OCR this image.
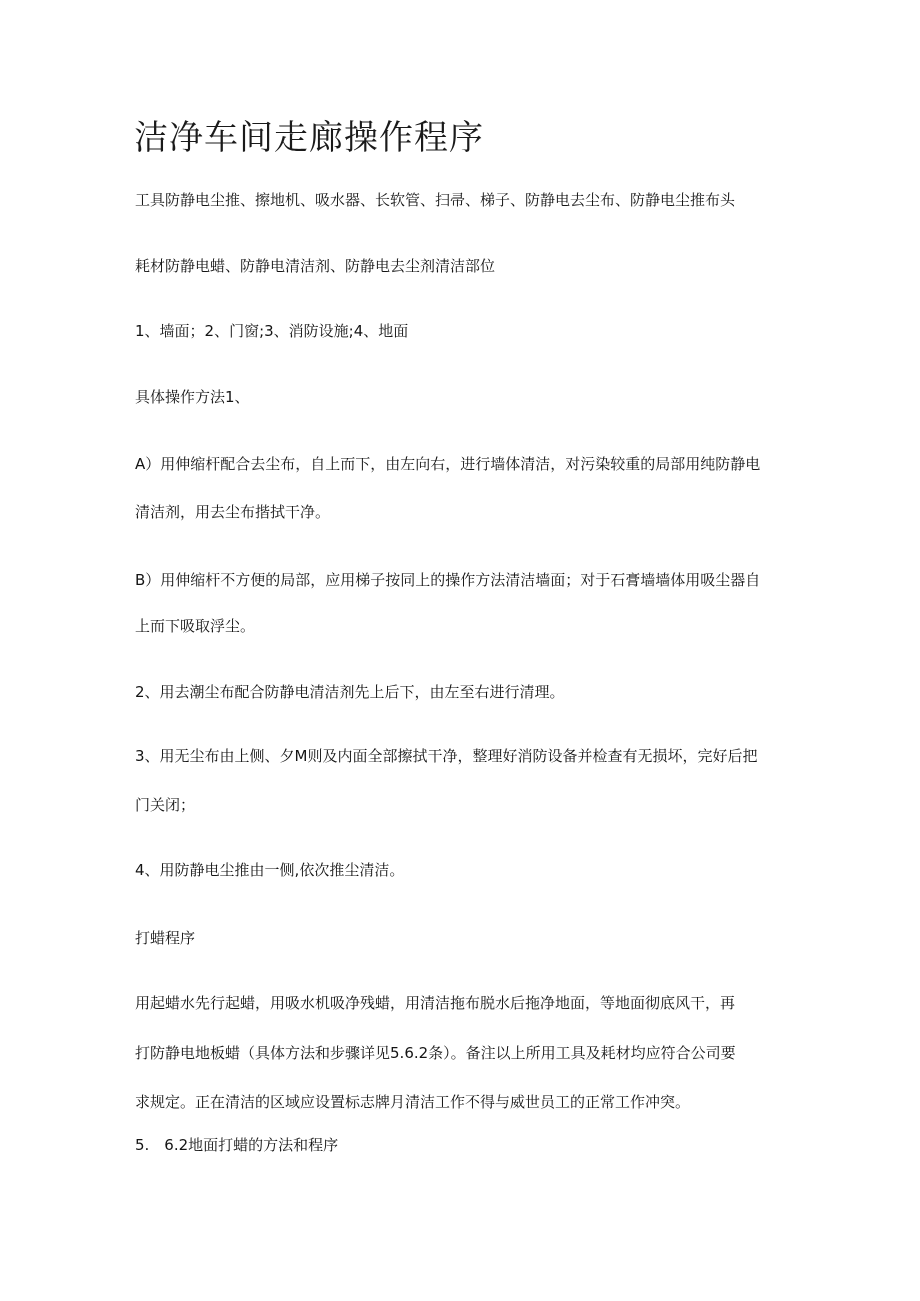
洁净车间走廊操作程序
工具防静电尘推、擦地机、吸水器、长软管、扫帚、梯子、防静电去尘布、防静电尘推布头
耗材防静电蜡、防静电清洁剂、防静电去尘剂清洁部位
1、墙面；2、门窗;3、消防设施;4、地面
具体操作方法1、
A）用伸缩杆配合去尘布，自上而下，由左向右，进行墙体清洁，对污染较重的局部用纯防静电
清洁剂，用去尘布揩拭干净。
B）用伸缩杆不方便的局部，应用梯子按同上的操作方法清洁墙面；对于石膏墙墙体用吸尘器自
上而下吸取浮尘。
2、用去潮尘布配合防静电清洁剂先上后下，由左至右进行清理。
3、用无尘布由上侧、夕M则及内面全部擦拭干净，整理好消防设备并检查有无损坏，完好后把
门关闭；
4、用防静电尘推由一侧,依次推尘清洁。
打蜡程序
用起蜡水先行起蜡，用吸水机吸净残蜡，用清洁拖布脱水后拖净地面，等地面彻底风干，再
打防静电地板蜡（具体方法和步骤详见5.6.2条）。备注以上所用工具及耗材均应符合公司要
求规定。正在清洁的区域应设置标志牌月清洁工作不得与威世员工的正常工作冲突。
5.　6.2地面打蜡的方法和程序
